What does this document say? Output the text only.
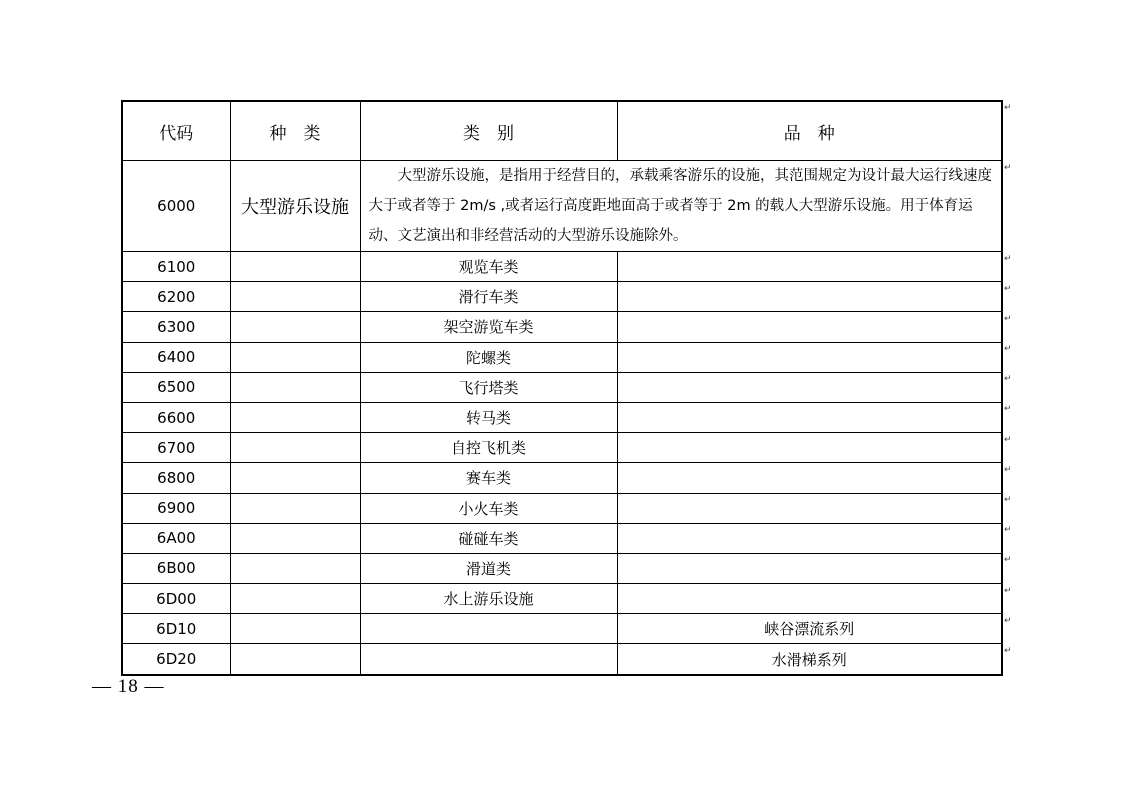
代码	种　类	类　别	品　种
6000	大型游乐设施	大型游乐设施，是指用于经营目的，承载乘客游乐的设施，其范围规定为设计最大运行线速度大于或者等于 2m/s ,或者运行高度距地面高于或者等于 2m 的载人大型游乐设施。用于体育运动、文艺演出和非经营活动的大型游乐设施除外。	
6100		观览车类	
6200		滑行车类	
6300		架空游览车类	
6400		陀螺类	
6500		飞行塔类	
6600		转马类	
6700		自控飞机类	
6800		赛车类	
6900		小火车类	
6A00		碰碰车类	
6B00		滑道类	
6D00		水上游乐设施	
6D10			峡谷漂流系列
6D20			水滑梯系列
↵
↵
↵
↵
↵
↵
↵
↵
↵
↵
↵
↵
↵
↵
↵
↵
— 18 —
